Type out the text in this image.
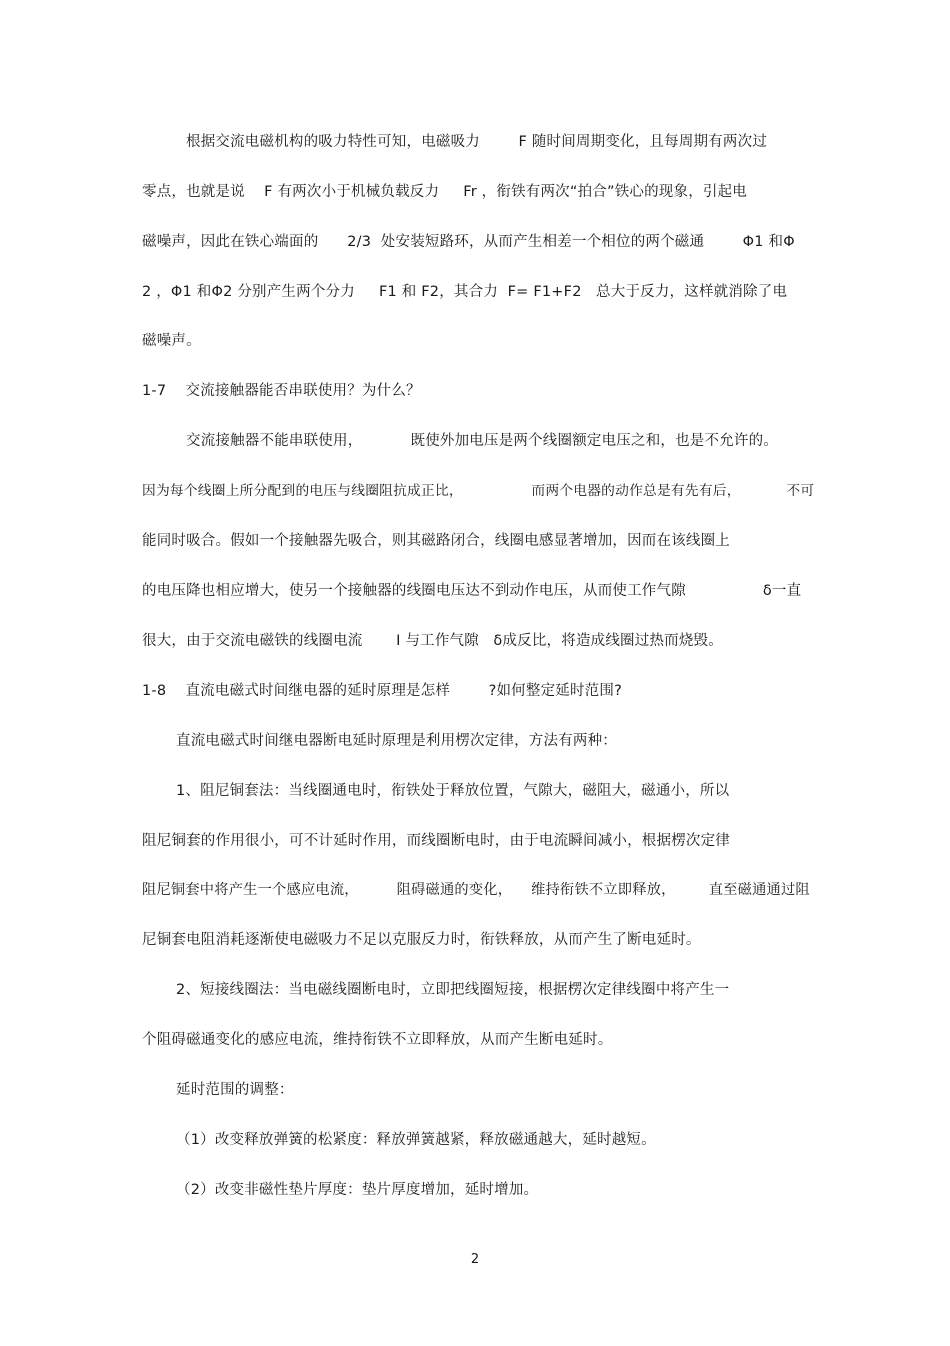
根据交流电磁机构的吸力特性可知，电磁吸力        F 随时间周期变化，且每周期有两次过
零点，也就是说    F 有两次小于机械负载反力     Fr ，衔铁有两次“拍合”铁心的现象，引起电
磁噪声，因此在铁心端面的      2/3  处安装短路环，从而产生相差一个相位的两个磁通        Φ1 和Φ
2 ，Φ1 和Φ2 分别产生两个分力     F1 和 F2，其合力  F= F1+F2   总大于反力，这样就消除了电
磁噪声。
1-7    交流接触器能否串联使用？为什么？
交流接触器不能串联使用，          既使外加电压是两个线圈额定电压之和，也是不允许的。
因为每个线圈上所分配到的电压与线圈阻抗成正比，               而两个电器的动作总是有先有后，          不可
能同时吸合。假如一个接触器先吸合，则其磁路闭合，线圈电感显著增加，因而在该线圈上
的电压降也相应增大，使另一个接触器的线圈电压达不到动作电压，从而使工作气隙                δ一直
很大，由于交流电磁铁的线圈电流       I 与工作气隙   δ成反比，将造成线圈过热而烧毁。
1-8    直流电磁式时间继电器的延时原理是怎样        ?如何整定延时范围?
直流电磁式时间继电器断电延时原理是利用楞次定律，方法有两种：
1、阻尼铜套法：当线圈通电时，衔铁处于释放位置，气隙大，磁阻大，磁通小，所以
阻尼铜套的作用很小，可不计延时作用，而线圈断电时，由于电流瞬间减小，根据楞次定律
阻尼铜套中将产生一个感应电流，        阻碍磁通的变化，    维持衔铁不立即释放，       直至磁通通过阻
尼铜套电阻消耗逐渐使电磁吸力不足以克服反力时，衔铁释放，从而产生了断电延时。
2、短接线圈法：当电磁线圈断电时，立即把线圈短接，根据楞次定律线圈中将产生一
个阻碍磁通变化的感应电流，维持衔铁不立即释放，从而产生断电延时。
延时范围的调整：
（1）改变释放弹簧的松紧度：释放弹簧越紧，释放磁通越大，延时越短。
（2）改变非磁性垫片厚度：垫片厚度增加，延时增加。
2
